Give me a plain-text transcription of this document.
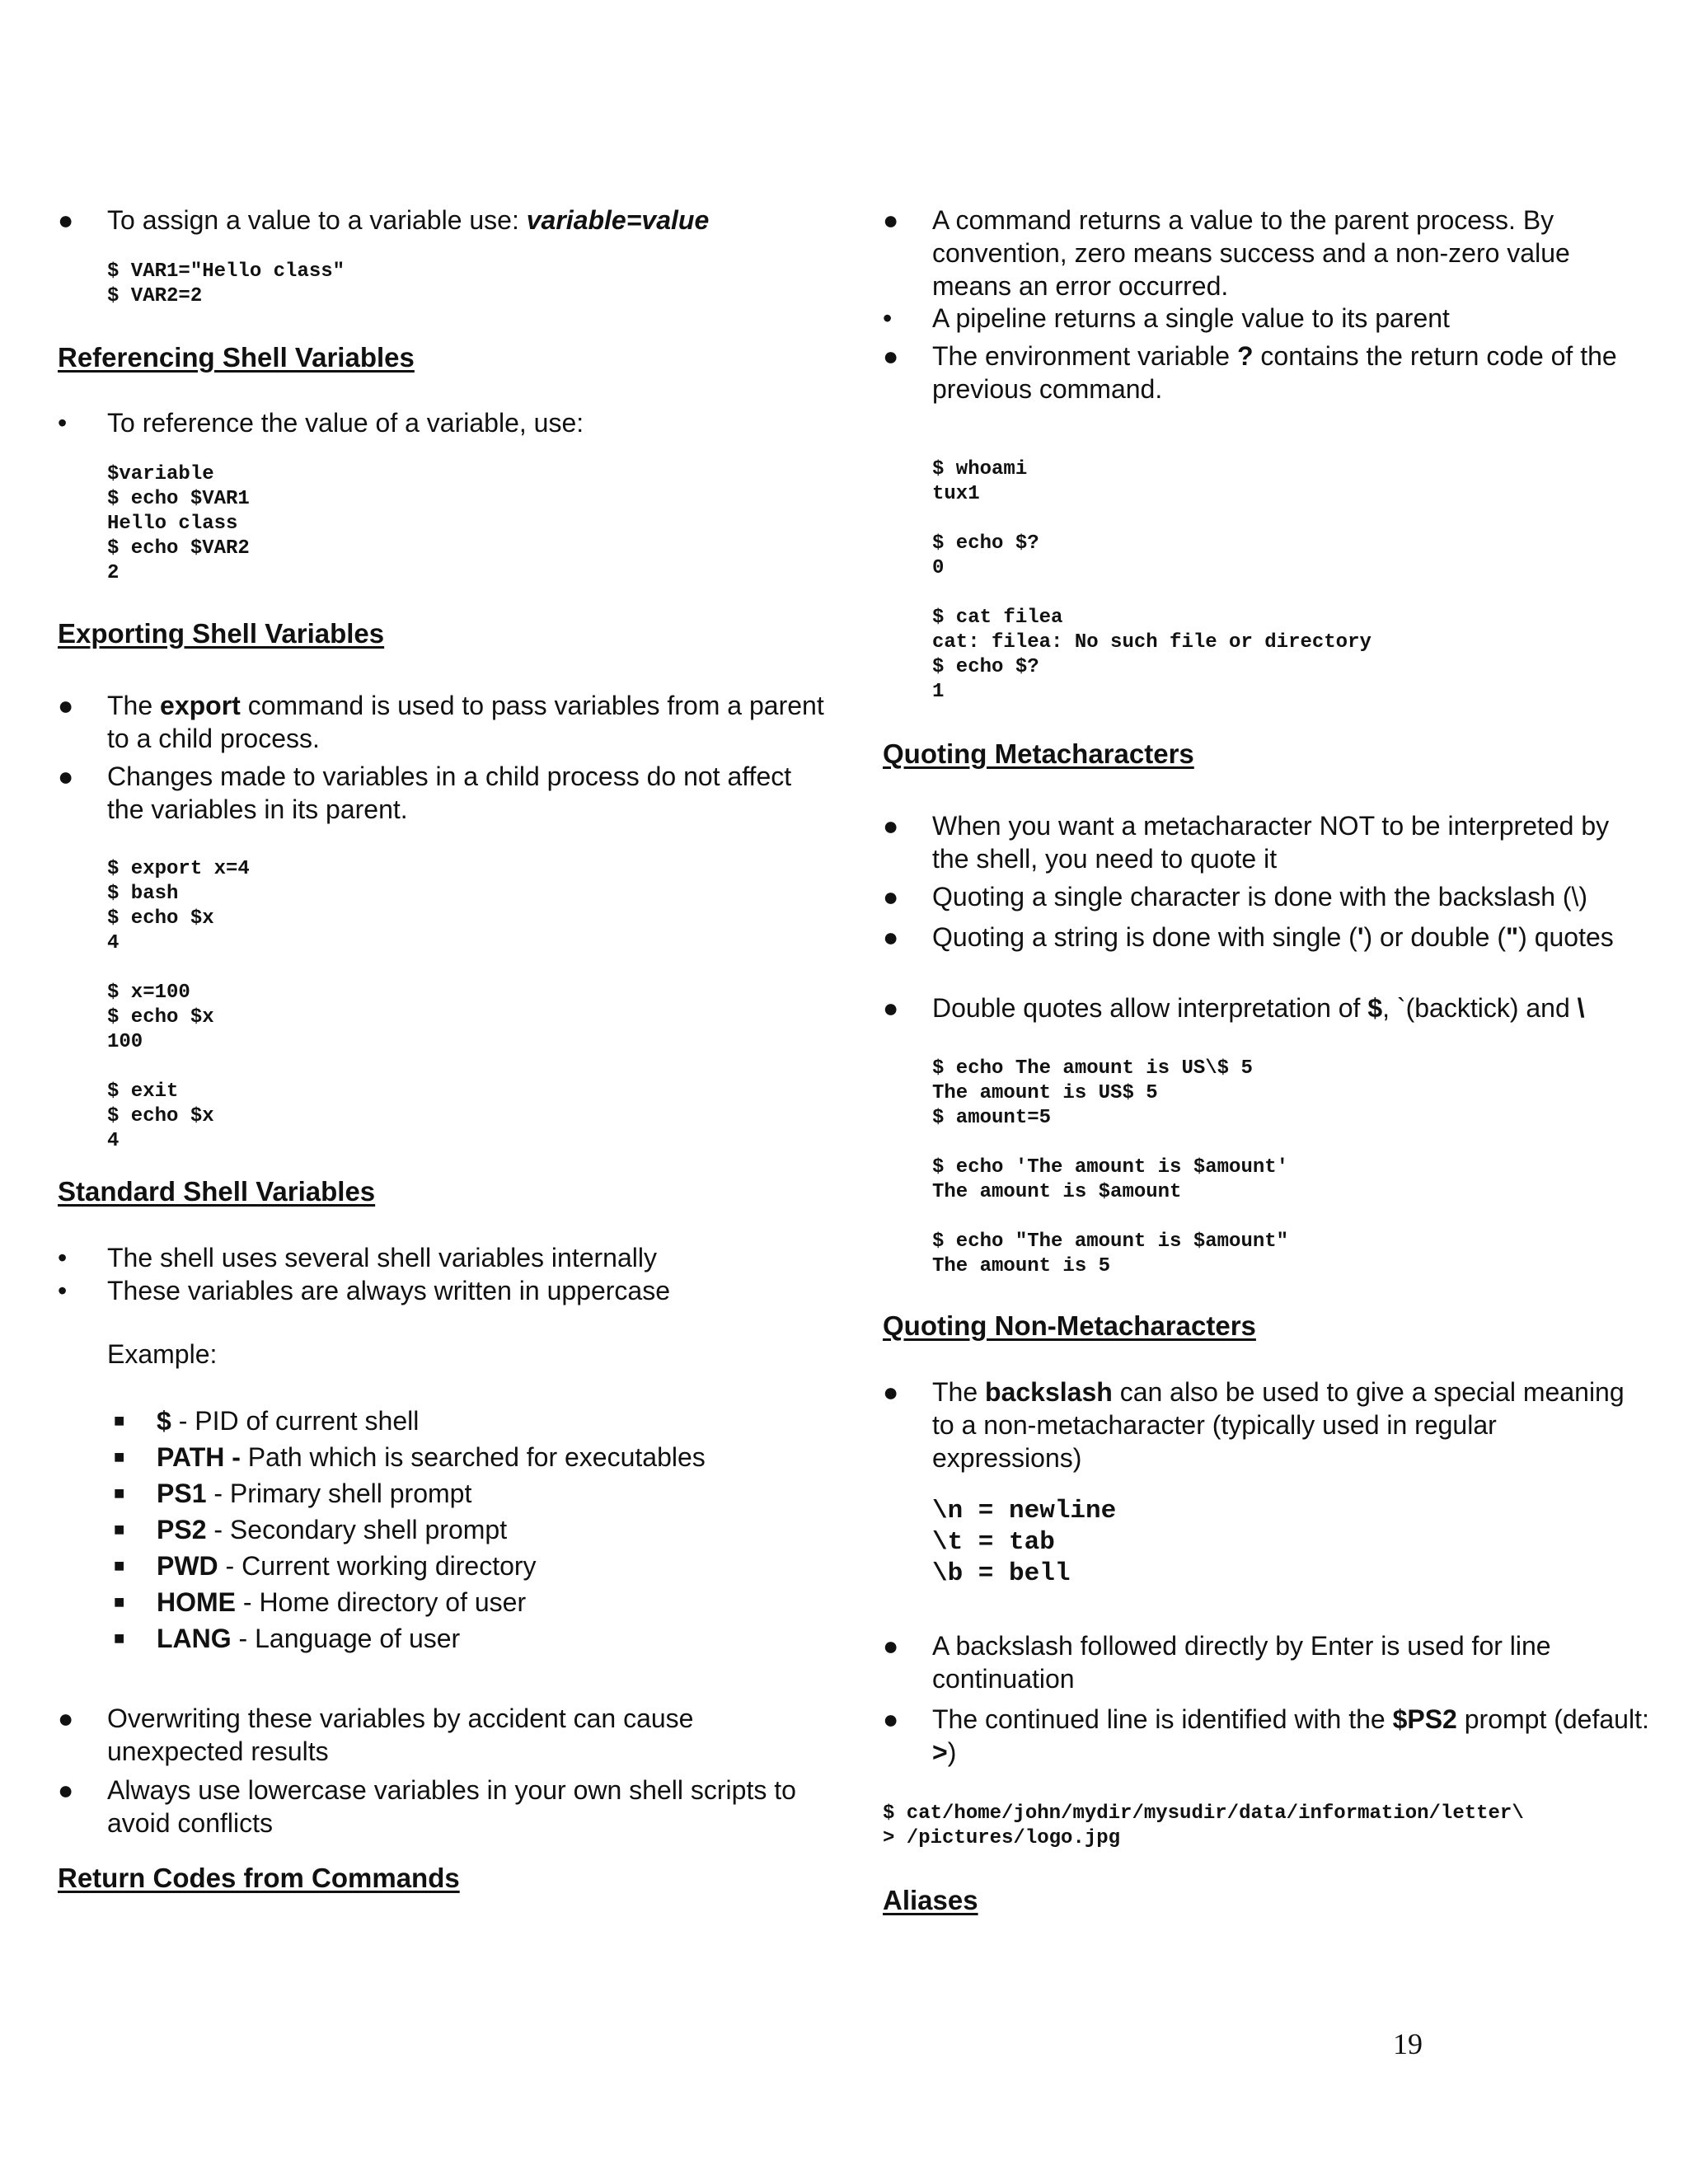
●	To assign a value to a variable use: variable=value
$ VAR1="Hello class"
$ VAR2=2
Referencing Shell Variables
•	To reference the value of a variable, use:
$variable
$ echo $VAR1
Hello class
$ echo $VAR2
2
Exporting Shell Variables
●	The export command is used to pass variables from a parent to a child process.
●	Changes made to variables in a child process do not affect the variables in its parent.
$ export x=4
$ bash
$ echo $x
4

$ x=100
$ echo $x
100

$ exit
$ echo $x
4
Standard Shell Variables
•	The shell uses several shell variables internally
•	These variables are always written in uppercase
Example:
■ $ - PID of current shell
■ PATH - Path which is searched for executables
■ PS1 - Primary shell prompt
■ PS2 - Secondary shell prompt
■ PWD - Current working directory
■ HOME - Home directory of user
■ LANG - Language of user
●	Overwriting these variables by accident can cause unexpected results
●	Always use lowercase variables in your own shell scripts to avoid conflicts
Return Codes from Commands
●	A command returns a value to the parent process. By convention, zero means success and a non-zero value means an error occurred.
•	A pipeline returns a single value to its parent
●	The environment variable ? contains the return code of the previous command.
$ whoami
tux1

$ echo $?
0

$ cat filea
cat: filea: No such file or directory
$ echo $?
1
Quoting Metacharacters
●	When you want a metacharacter NOT to be interpreted by the shell, you need to quote it
●	Quoting a single character is done with the backslash (\)
●	Quoting a string is done with single (') or double (") quotes
●	Double quotes allow interpretation of $, `(backtick) and \
$ echo The amount is US\$ 5
The amount is US$ 5
$ amount=5

$ echo 'The amount is $amount'
The amount is $amount

$ echo "The amount is $amount"
The amount is 5
Quoting Non-Metacharacters
●	The backslash can also be used to give a special meaning to a non-metacharacter (typically used in regular expressions)
\n = newline
\t = tab
\b = bell
●	A backslash followed directly by Enter is used for line continuation
●	The continued line is identified with the $PS2 prompt (default: >)
$ cat/home/john/mydir/mysudir/data/information/letter\
> /pictures/logo.jpg
Aliases
19
